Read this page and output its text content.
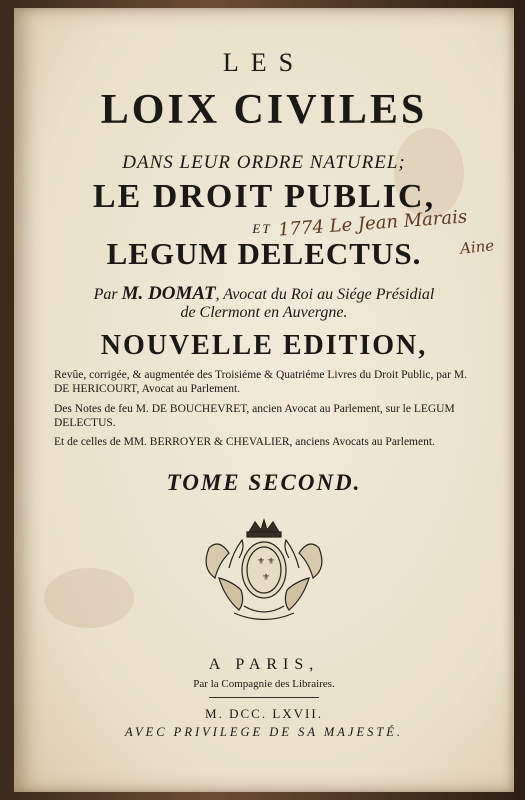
LES
LOIX CIVILES
DANS LEUR ORDRE NATUREL;
LE DROIT PUBLIC,
ET
LEGUM DELECTUS.
Par M. DOMAT, Avocat du Roi au Siége Présidial
de Clermont en Auvergne.
NOUVELLE EDITION,
Revûe, corrigée, & augmentée des Troisiéme & Quatriéme Livres du Droit Public, par M. DE HERICOURT, Avocat au Parlement.
Des Notes de feu M. DE BOUCHEVRET, ancien Avocat au Parlement, sur le LEGUM DELECTUS.
Et de celles de MM. BERROYER & CHEVALIER, anciens Avocats au Parlement.
TOME SECOND.
⚜ ⚜
⚜
A PARIS,
Par la Compagnie des Libraires.
M. DCC. LXVII.
AVEC PRIVILEGE DE SA MAJESTÉ.
1774 Le Jean Marais
Aine
